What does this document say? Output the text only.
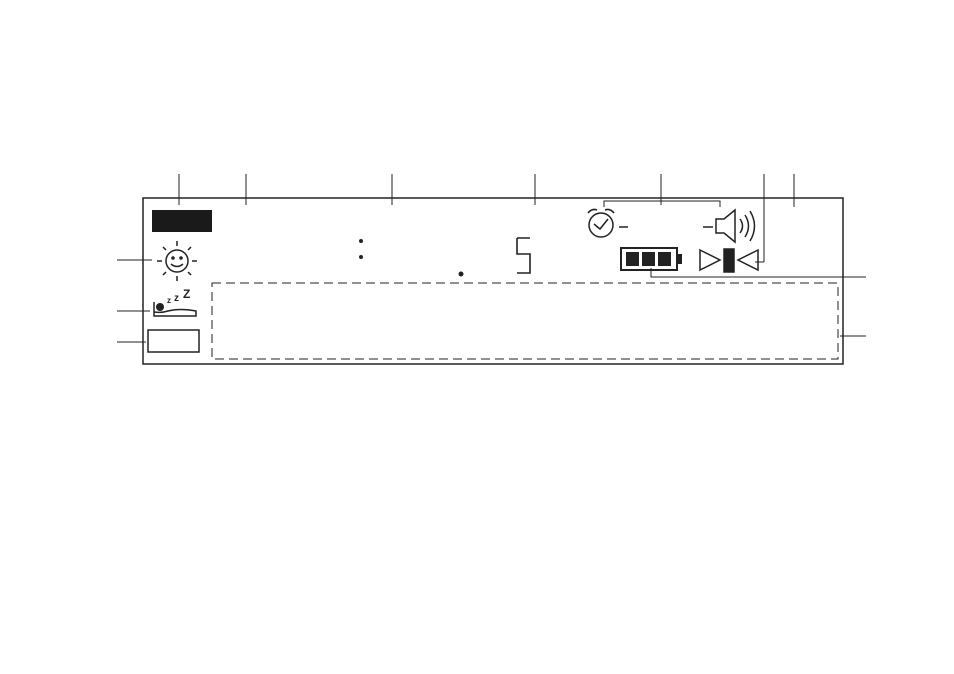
z z Z
